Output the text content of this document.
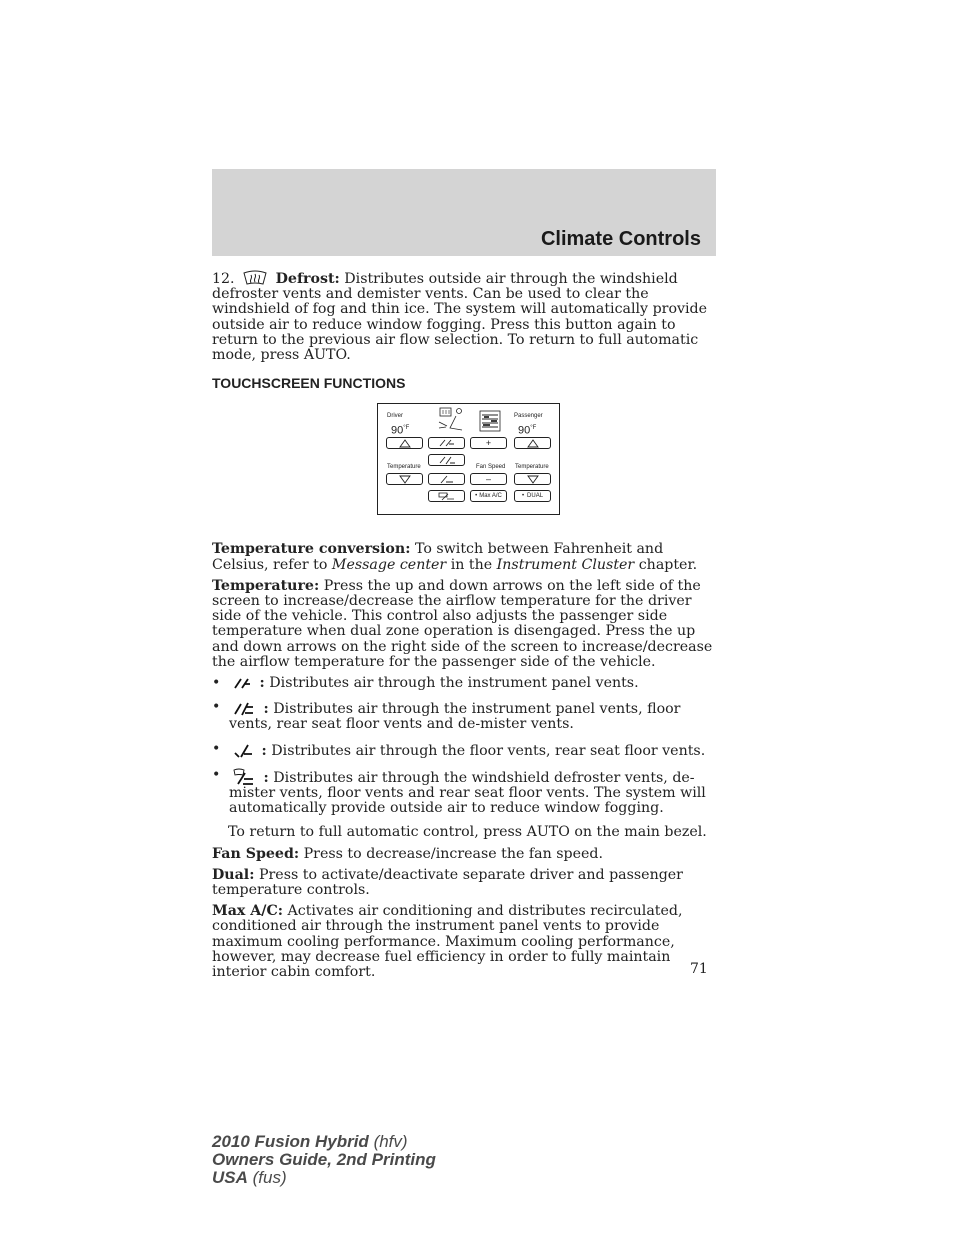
Climate Controls

12.	Defrost: Distributes outside air through the windshield defroster vents and demister vents. Can be used to clear the windshield of fog and thin ice. The system will automatically provide outside air to reduce window fogging. Press this button again to return to the previous air flow selection. To return to full automatic mode, press AUTO.

TOUCHSCREEN FUNCTIONS
Driver	Passenger
$90^{^\circ F}$	$90^{^\circ F}$
+
Temperature	Fan Speed Temperature
–
• Max A/C	• DUAL

Temperature conversion: To switch between Fahrenheit and Celsius, refer to Message center in the Instrument Cluster chapter.

Temperature: Press the up and down arrows on the left side of the screen to increase/decrease the airflow temperature for the driver side of the vehicle. This control also adjusts the passenger side temperature when dual zone operation is disengaged. Press the up and down arrows on the right side of the screen to increase/decrease the airflow temperature for the passenger side of the vehicle.

•	: Distributes air through the instrument panel vents.
•	: Distributes air through the instrument panel vents, floor vents, rear seat floor vents and de-mister vents.
•	: Distributes air through the floor vents, rear seat floor vents.
•	: Distributes air through the windshield defroster vents, de-mister vents, floor vents and rear seat floor vents. The system will automatically provide outside air to reduce window fogging.

To return to full automatic control, press AUTO on the main bezel.

Fan Speed: Press to decrease/increase the fan speed.

Dual: Press to activate/deactivate separate driver and passenger temperature controls.

Max A/C: Activates air conditioning and distributes recirculated, conditioned air through the instrument panel vents to provide maximum cooling performance. Maximum cooling performance, however, may decrease fuel efficiency in order to fully maintain interior cabin comfort.	71
2010 Fusion Hybrid (hfv)
Owners Guide, 2nd Printing
USA (fus)
